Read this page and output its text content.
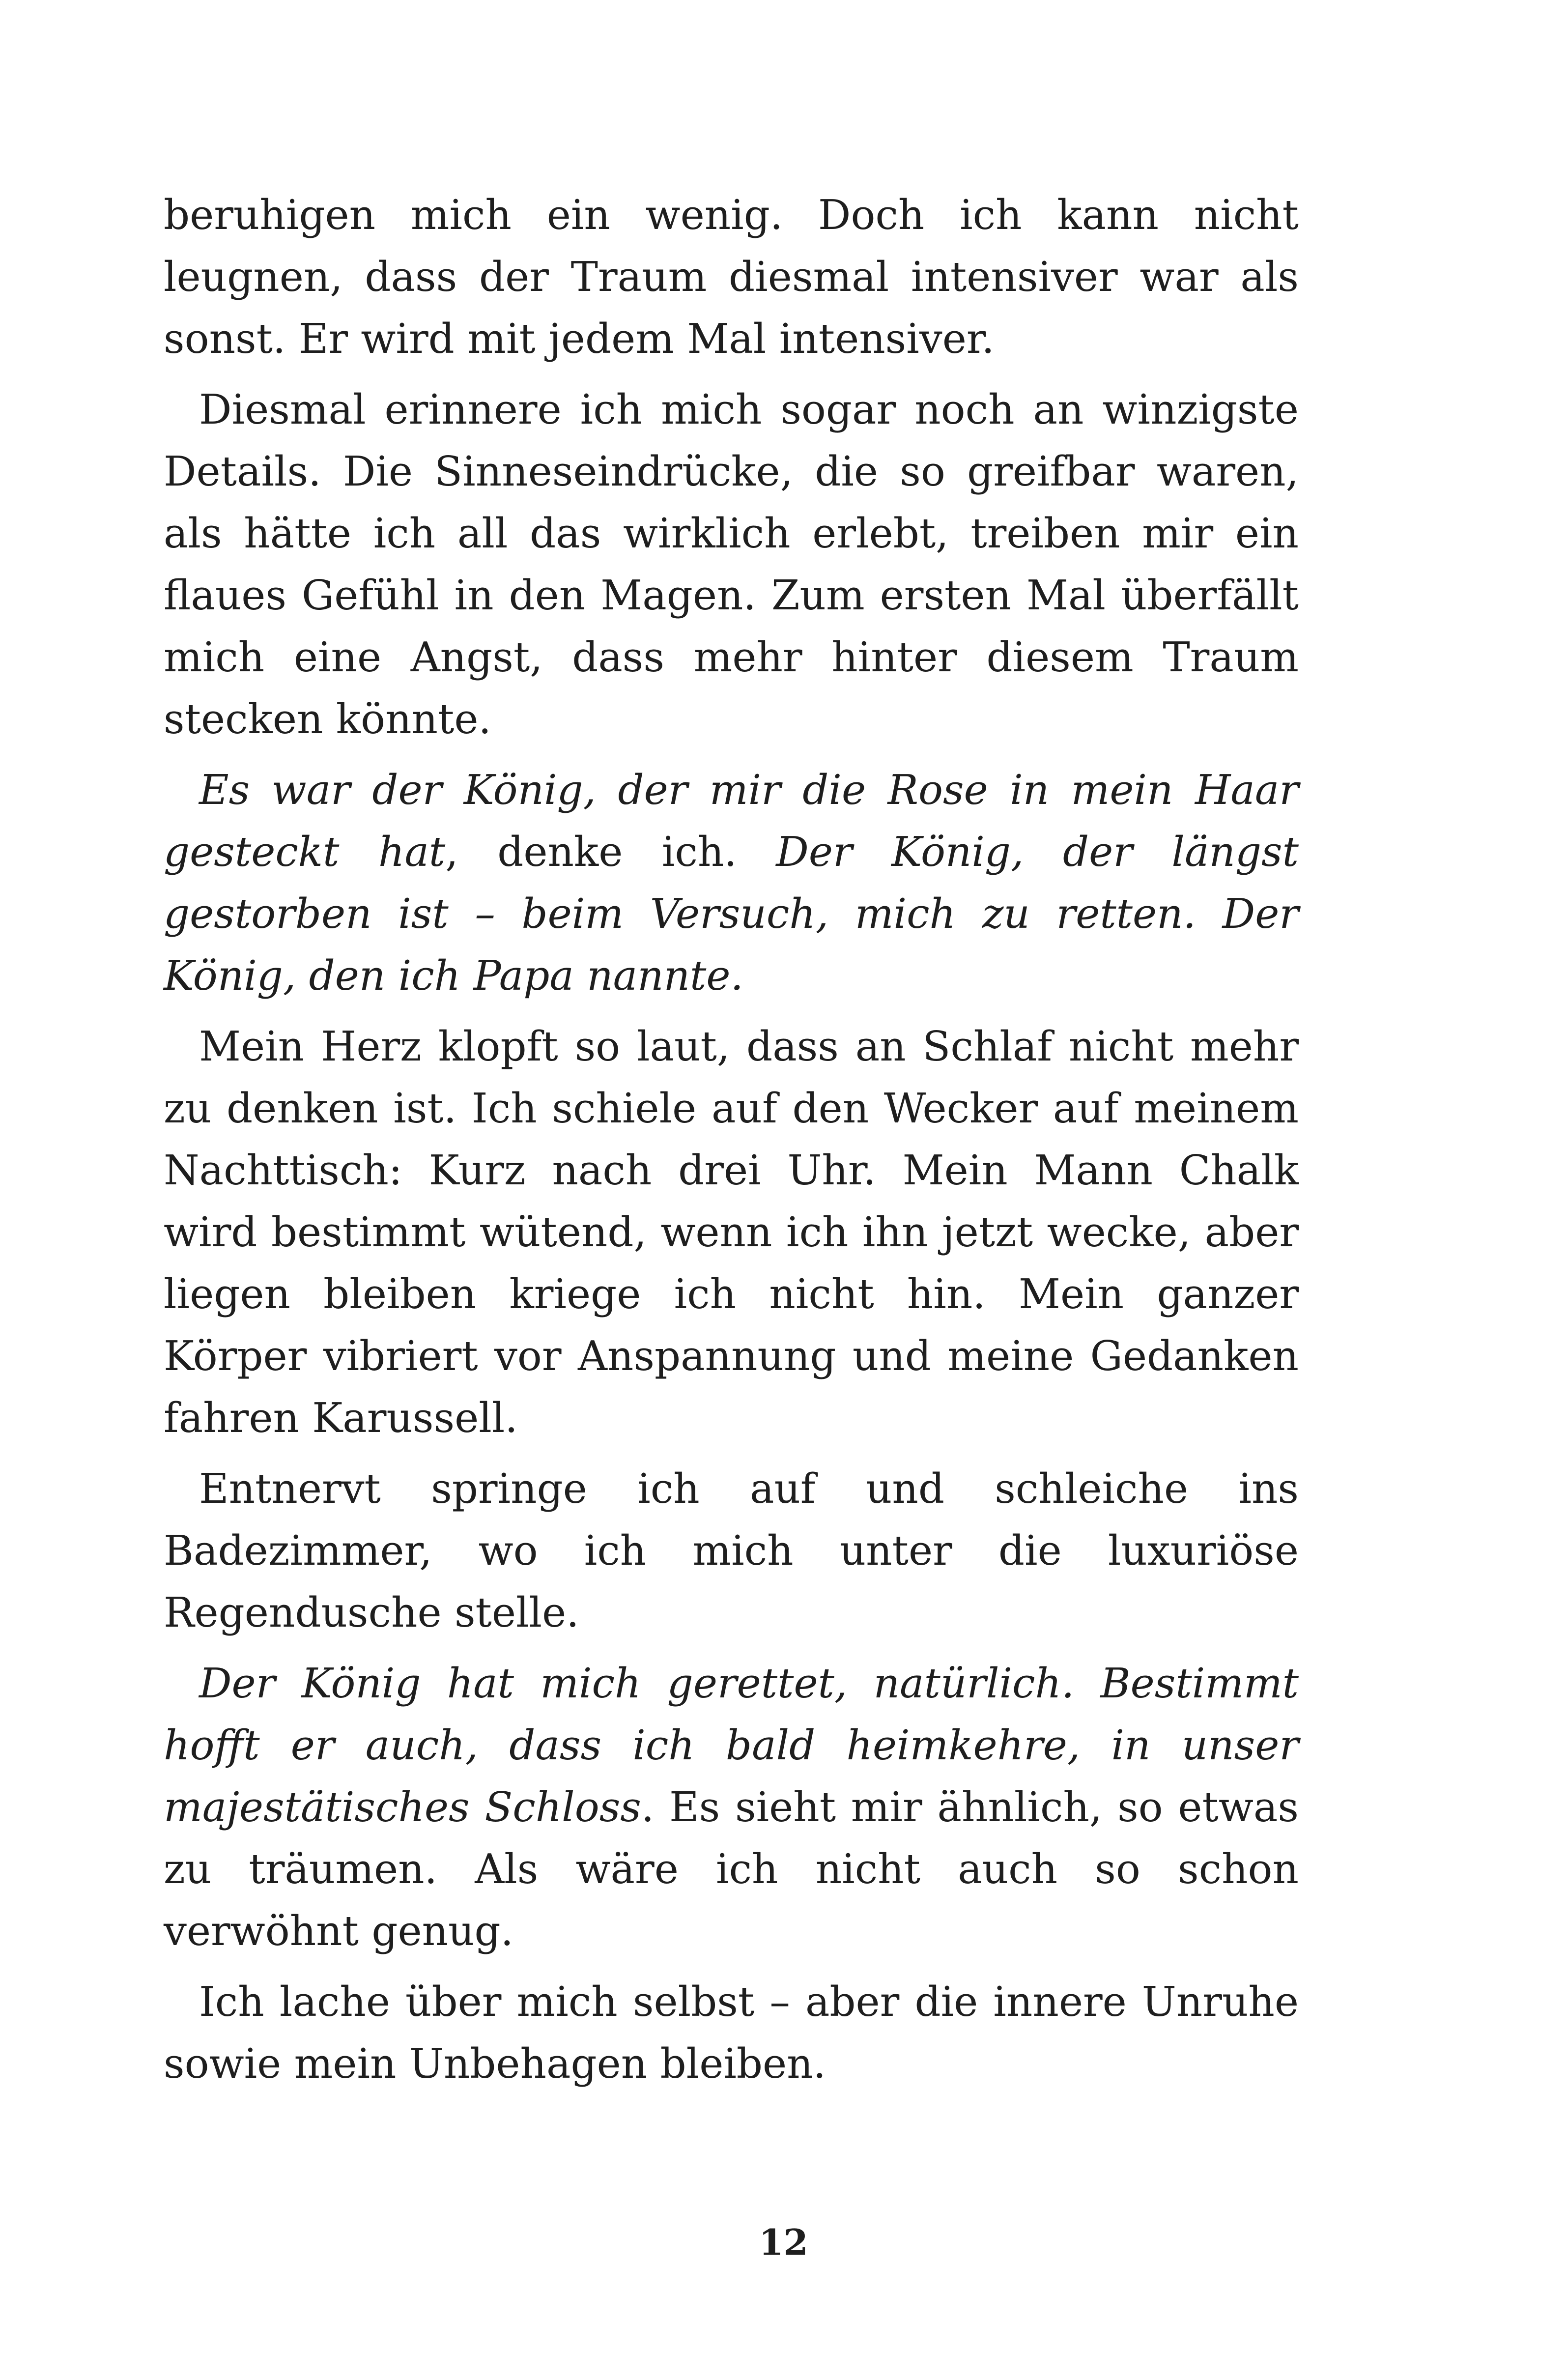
beruhigen mich ein wenig. Doch ich kann nicht leugnen, dass der Traum diesmal intensiver war als sonst. Er wird mit jedem Mal intensiver.

Diesmal erinnere ich mich sogar noch an winzigste Details. Die Sinneseindrücke, die so greifbar waren, als hätte ich all das wirklich erlebt, treiben mir ein flaues Gefühl in den Magen. Zum ersten Mal überfällt mich eine Angst, dass mehr hinter diesem Traum stecken könnte.

Es war der König, der mir die Rose in mein Haar gesteckt hat, denke ich. Der König, der längst gestorben ist – beim Versuch, mich zu retten. Der König, den ich Papa nannte.

Mein Herz klopft so laut, dass an Schlaf nicht mehr zu denken ist. Ich schiele auf den Wecker auf meinem Nachttisch: Kurz nach drei Uhr. Mein Mann Chalk wird bestimmt wütend, wenn ich ihn jetzt wecke, aber liegen bleiben kriege ich nicht hin. Mein ganzer Körper vibriert vor Anspannung und meine Gedanken fahren Karussell.

Entnervt springe ich auf und schleiche ins Badezimmer, wo ich mich unter die luxuriöse Regendusche stelle.

Der König hat mich gerettet, natürlich. Bestimmt hofft er auch, dass ich bald heimkehre, in unser majestätisches Schloss. Es sieht mir ähnlich, so etwas zu träumen. Als wäre ich nicht auch so schon verwöhnt genug.

Ich lache über mich selbst – aber die innere Unruhe sowie mein Unbehagen bleiben.

12
